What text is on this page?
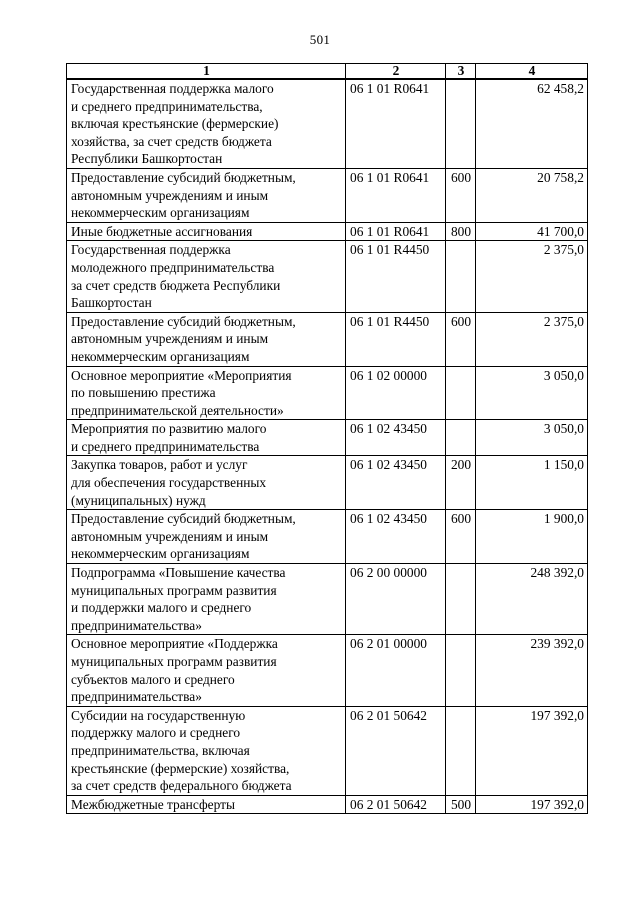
501
1	2	3	4
Государственная поддержка малого
и среднего предпринимательства,
включая крестьянские (фермерские)
хозяйства, за счет средств бюджета
Республики Башкортостан	06 1 01 R0641		62 458,2
Предоставление субсидий бюджетным,
автономным учреждениям и иным
некоммерческим организациям	06 1 01 R0641	600	20 758,2
Иные бюджетные ассигнования	06 1 01 R0641	800	41 700,0
Государственная поддержка
молодежного предпринимательства
за счет средств бюджета Республики
Башкортостан	06 1 01 R4450		2 375,0
Предоставление субсидий бюджетным,
автономным учреждениям и иным
некоммерческим организациям	06 1 01 R4450	600	2 375,0
Основное мероприятие «Мероприятия
по повышению престижа
предпринимательской деятельности»	06 1 02 00000		3 050,0
Мероприятия по развитию малого
и среднего предпринимательства	06 1 02 43450		3 050,0
Закупка товаров, работ и услуг
для обеспечения государственных
(муниципальных) нужд	06 1 02 43450	200	1 150,0
Предоставление субсидий бюджетным,
автономным учреждениям и иным
некоммерческим организациям	06 1 02 43450	600	1 900,0
Подпрограмма «Повышение качества
муниципальных программ развития
и поддержки малого и среднего
предпринимательства»	06 2 00 00000		248 392,0
Основное мероприятие «Поддержка
муниципальных программ развития
субъектов малого и среднего
предпринимательства»	06 2 01 00000		239 392,0
Субсидии на государственную
поддержку малого и среднего
предпринимательства, включая
крестьянские (фермерские) хозяйства,
за счет средств федерального бюджета	06 2 01 50642		197 392,0
Межбюджетные трансферты	06 2 01 50642	500	197 392,0
